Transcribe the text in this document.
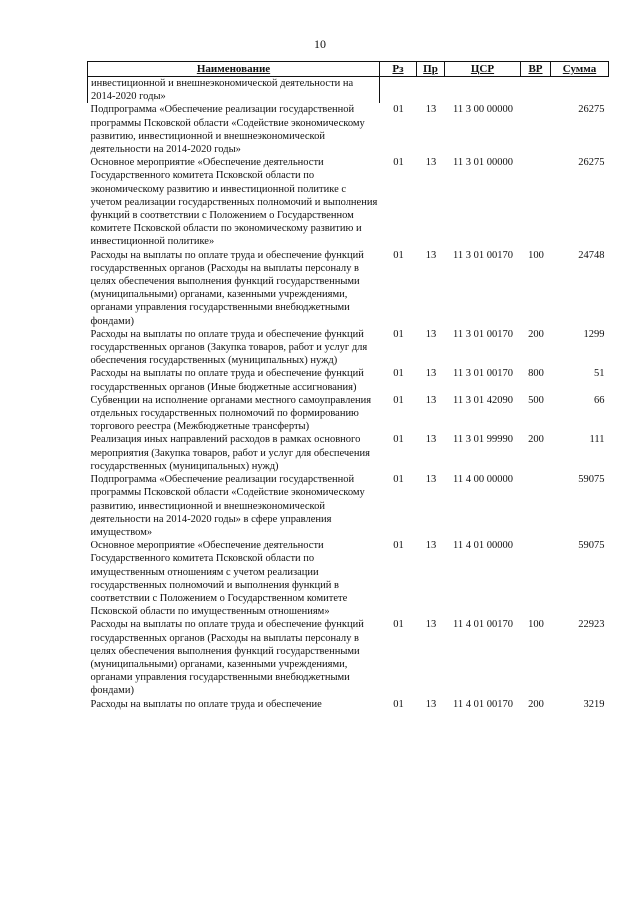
10
Наименование	Рз	Пр	ЦСР	ВР	Сумма
инвестиционной и внешнеэкономической деятельности на 2014-2020 годы»					
Подпрограмма «Обеспечение реализации государственной программы Псковской области «Содействие экономическому развитию, инвестиционной и внешнеэкономической деятельности на 2014-2020 годы»	01	13	11 3 00 00000		26275
Основное мероприятие «Обеспечение деятельности Государственного комитета Псковской области по экономическому развитию и инвестиционной политике с учетом реализации государственных полномочий и выполнения функций в соответствии с Положением о Государственном комитете Псковской области по экономическому развитию и инвестиционной политике»	01	13	11 3 01 00000		26275
Расходы на выплаты по оплате труда и обеспечение функций государственных органов (Расходы на выплаты персоналу в целях обеспечения выполнения функций государственными (муниципальными) органами, казенными учреждениями, органами управления государственными внебюджетными фондами)	01	13	11 3 01 00170	100	24748
Расходы на выплаты по оплате труда и обеспечение функций государственных органов (Закупка товаров, работ и услуг для обеспечения государственных (муниципальных) нужд)	01	13	11 3 01 00170	200	1299
Расходы на выплаты по оплате труда и обеспечение функций государственных органов (Иные бюджетные ассигнования)	01	13	11 3 01 00170	800	51
Субвенции на исполнение органами местного самоуправления отдельных государственных полномочий по формированию торгового реестра (Межбюджетные трансферты)	01	13	11 3 01 42090	500	66
Реализация иных направлений расходов в рамках основного мероприятия (Закупка товаров, работ и услуг для обеспечения государственных (муниципальных) нужд)	01	13	11 3 01 99990	200	111
Подпрограмма «Обеспечение реализации государственной программы Псковской области «Содействие экономическому развитию, инвестиционной и внешнеэкономической деятельности на 2014-2020 годы» в сфере управления имуществом»	01	13	11 4 00 00000		59075
Основное мероприятие «Обеспечение деятельности Государственного комитета Псковской области по имущественным отношениям с учетом реализации государственных полномочий и выполнения функций в соответствии с Положением о Государственном комитете Псковской области по имущественным отношениям»	01	13	11 4 01 00000		59075
Расходы на выплаты по оплате труда и обеспечение функций государственных органов (Расходы на выплаты персоналу в целях обеспечения выполнения функций государственными (муниципальными) органами, казенными учреждениями, органами управления государственными внебюджетными фондами)	01	13	11 4 01 00170	100	22923
Расходы на выплаты по оплате труда и обеспечение	01	13	11 4 01 00170	200	3219
